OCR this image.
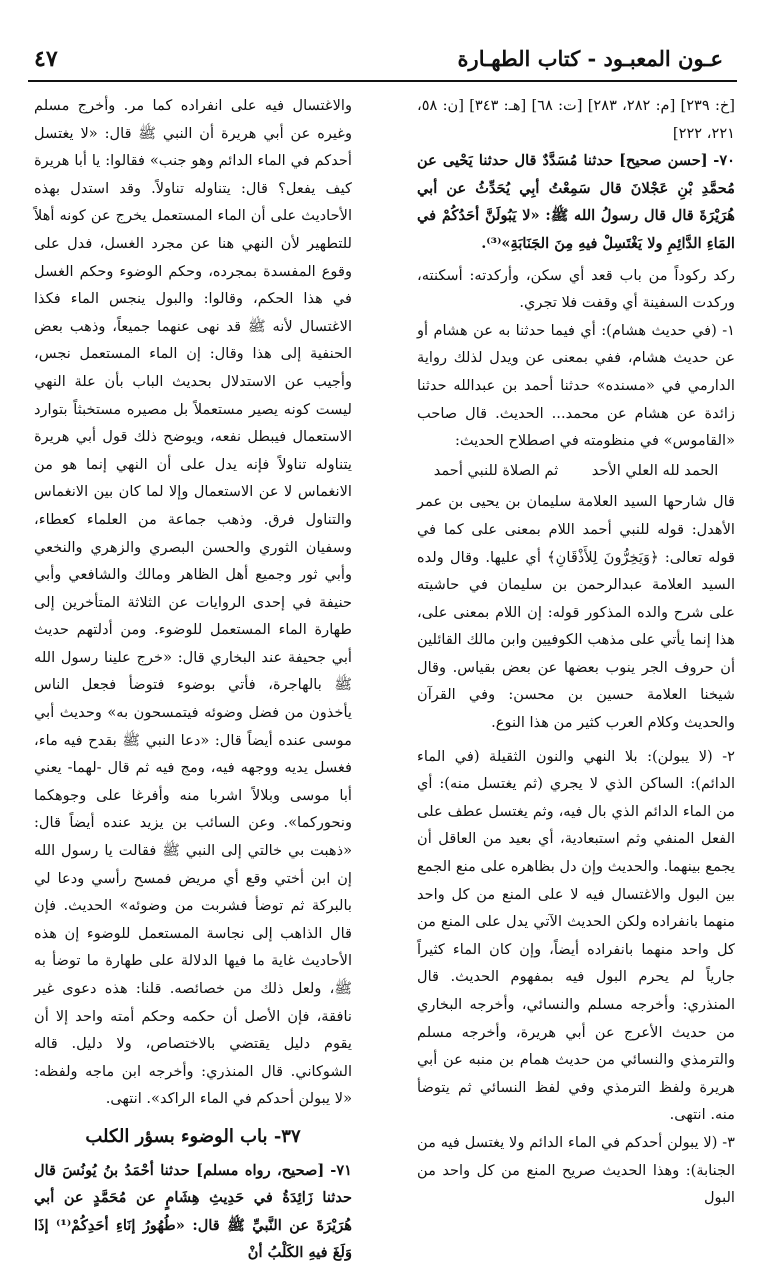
٤٧	عـون المعبـود - كتاب الطهـارة

[خ: ٢٣٩] [م: ٢٨٢، ٢٨٣] [ت: ٦٨] [هـ: ٣٤٣] [ن: ٥٨، ٢٢١، ٢٢٢]

٧٠- [حسن صحيح] حدثنا مُسَدَّدٌ قال حدثنا يَحْيى عن مُحمَّدِ بْنِ عَجْلانَ قال سَمِعْتُ أبِي يُحَدِّثُ عن أبي هُرَيْرَةَ قال قال رسولُ الله ﷺ: «لا يَبُولَنَّ أحَدُكُمْ في المَاءِ الدَّائِمِ ولا يَغْتَسِلْ فيهِ مِنَ الجَنَابَةِ»⁽³⁾.

ركد ركوداً من باب قعد أي سكن، وأركدته: أسكنته، وركدت السفينة أي وقفت فلا تجري.

١- (في حديث هشام): أي فيما حدثنا به عن هشام أو عن حديث هشام، ففي بمعنى عن ويدل لذلك رواية الدارمي في «مسنده» حدثنا أحمد بن عبدالله حدثنا زائدة عن هشام عن محمد... الحديث. قال صاحب «القاموس» في منظومته في اصطلاح الحديث:

الحمد لله العلي الأحد
ثم الصلاة للنبي أحمد

قال شارحها السيد العلامة سليمان بن يحيى بن عمر الأهدل: قوله للنبي أحمد اللام بمعنى على كما في قوله تعالى: ﴿وَيَخِرُّونَ لِلأَذْقَانِ﴾ أي عليها. وقال ولده السيد العلامة عبدالرحمن بن سليمان في حاشيته على شرح والده المذكور قوله: إن اللام بمعنى على، هذا إنما يأتي على مذهب الكوفيين وابن مالك القائلين أن حروف الجر ينوب بعضها عن بعض بقياس. وقال شيخنا العلامة حسين بن محسن: وفي القرآن والحديث وكلام العرب كثير من هذا النوع.

٢- (لا يبولن): بلا النهي والنون الثقيلة (في الماء الدائم): الساكن الذي لا يجري (ثم يغتسل منه): أي من الماء الدائم الذي بال فيه، وثم يغتسل عطف على الفعل المنفي وثم استبعادية، أي بعيد من العاقل أن يجمع بينهما. والحديث وإن دل بظاهره على منع الجمع بين البول والاغتسال فيه لا على المنع من كل واحد منهما بانفراده ولكن الحديث الآتي يدل على المنع من كل واحد منهما بانفراده أيضاً، وإن كان الماء كثيراً جارياً لم يحرم البول فيه بمفهوم الحديث. قال المنذري: وأخرجه مسلم والنسائي، وأخرجه البخاري من حديث الأعرج عن أبي هريرة، وأخرجه مسلم والترمذي والنسائي من حديث همام بن منبه عن أبي هريرة ولفظ الترمذي وفي لفظ النسائي ثم يتوضأ منه. انتهى.

٣- (لا يبولن أحدكم في الماء الدائم ولا يغتسل فيه من الجنابة): وهذا الحديث صريح المنع من كل واحد من البول

والاغتسال فيه على انفراده كما مر. وأخرج مسلم وغيره عن أبي هريرة أن النبي ﷺ قال: «لا يغتسل أحدكم في الماء الدائم وهو جنب» فقالوا: يا أبا هريرة كيف يفعل؟ قال: يتناوله تناولاً. وقد استدل بهذه الأحاديث على أن الماء المستعمل يخرج عن كونه أهلاً للتطهير لأن النهي هنا عن مجرد الغسل، فدل على وقوع المفسدة بمجرده، وحكم الوضوء وحكم الغسل في هذا الحكم، وقالوا: والبول ينجس الماء فكذا الاغتسال لأنه ﷺ قد نهى عنهما جميعاً، وذهب بعض الحنفية إلى هذا وقال: إن الماء المستعمل نجس، وأجيب عن الاستدلال بحديث الباب بأن علة النهي ليست كونه يصير مستعملاً بل مصيره مستخبثاً بتوارد الاستعمال فيبطل نفعه، ويوضح ذلك قول أبي هريرة يتناوله تناولاً فإنه يدل على أن النهي إنما هو من الانغماس لا عن الاستعمال وإلا لما كان بين الانغماس والتناول فرق. وذهب جماعة من العلماء كعطاء، وسفيان الثوري والحسن البصري والزهري والنخعي وأبي ثور وجميع أهل الظاهر ومالك والشافعي وأبي حنيفة في إحدى الروايات عن الثلاثة المتأخرين إلى طهارة الماء المستعمل للوضوء. ومن أدلتهم حديث أبي جحيفة عند البخاري قال: «خرج علينا رسول الله ﷺ بالهاجرة، فأتي بوضوء فتوضأ فجعل الناس يأخذون من فضل وضوئه فيتمسحون به» وحديث أبي موسى عنده أيضاً قال: «دعا النبي ﷺ بقدح فيه ماء، فغسل يديه ووجهه فيه، ومج فيه ثم قال -لهما- يعني أبا موسى وبلالاً اشربا منه وأفرغا على وجوهكما ونحوركما». وعن السائب بن يزيد عنده أيضاً قال: «ذهبت بي خالتي إلى النبي ﷺ فقالت يا رسول الله إن ابن أختي وقع أي مريض فمسح رأسي ودعا لي بالبركة ثم توضأ فشربت من وضوئه» الحديث. فإن قال الذاهب إلى نجاسة المستعمل للوضوء إن هذه الأحاديث غاية ما فيها الدلالة على طهارة ما توضأ به ﷺ، ولعل ذلك من خصائصه. قلنا: هذه دعوى غير نافقة، فإن الأصل أن حكمه وحكم أمته واحد إلا أن يقوم دليل يقتضي بالاختصاص، ولا دليل. قاله الشوكاني. قال المنذري: وأخرجه ابن ماجه ولفظه: «لا يبولن أحدكم في الماء الراكد». انتهى.

٣٧- باب الوضوء بسؤر الكلب

٧١- [صحيح، رواه مسلم] حدثنا أحْمَدُ بنُ يُونُسَ قال حدثنا زَائِدَةُ في حَدِيثِ هِشَامٍ عن مُحَمَّدٍ عن أبي هُرَيْرَةَ عن النَّبيِّ ﷺ قال: «طُهُورُ إنَاءِ أحَدِكُمْ⁽¹⁾ إذَا وَلَغَ فيهِ الكَلْبُ أنْ
